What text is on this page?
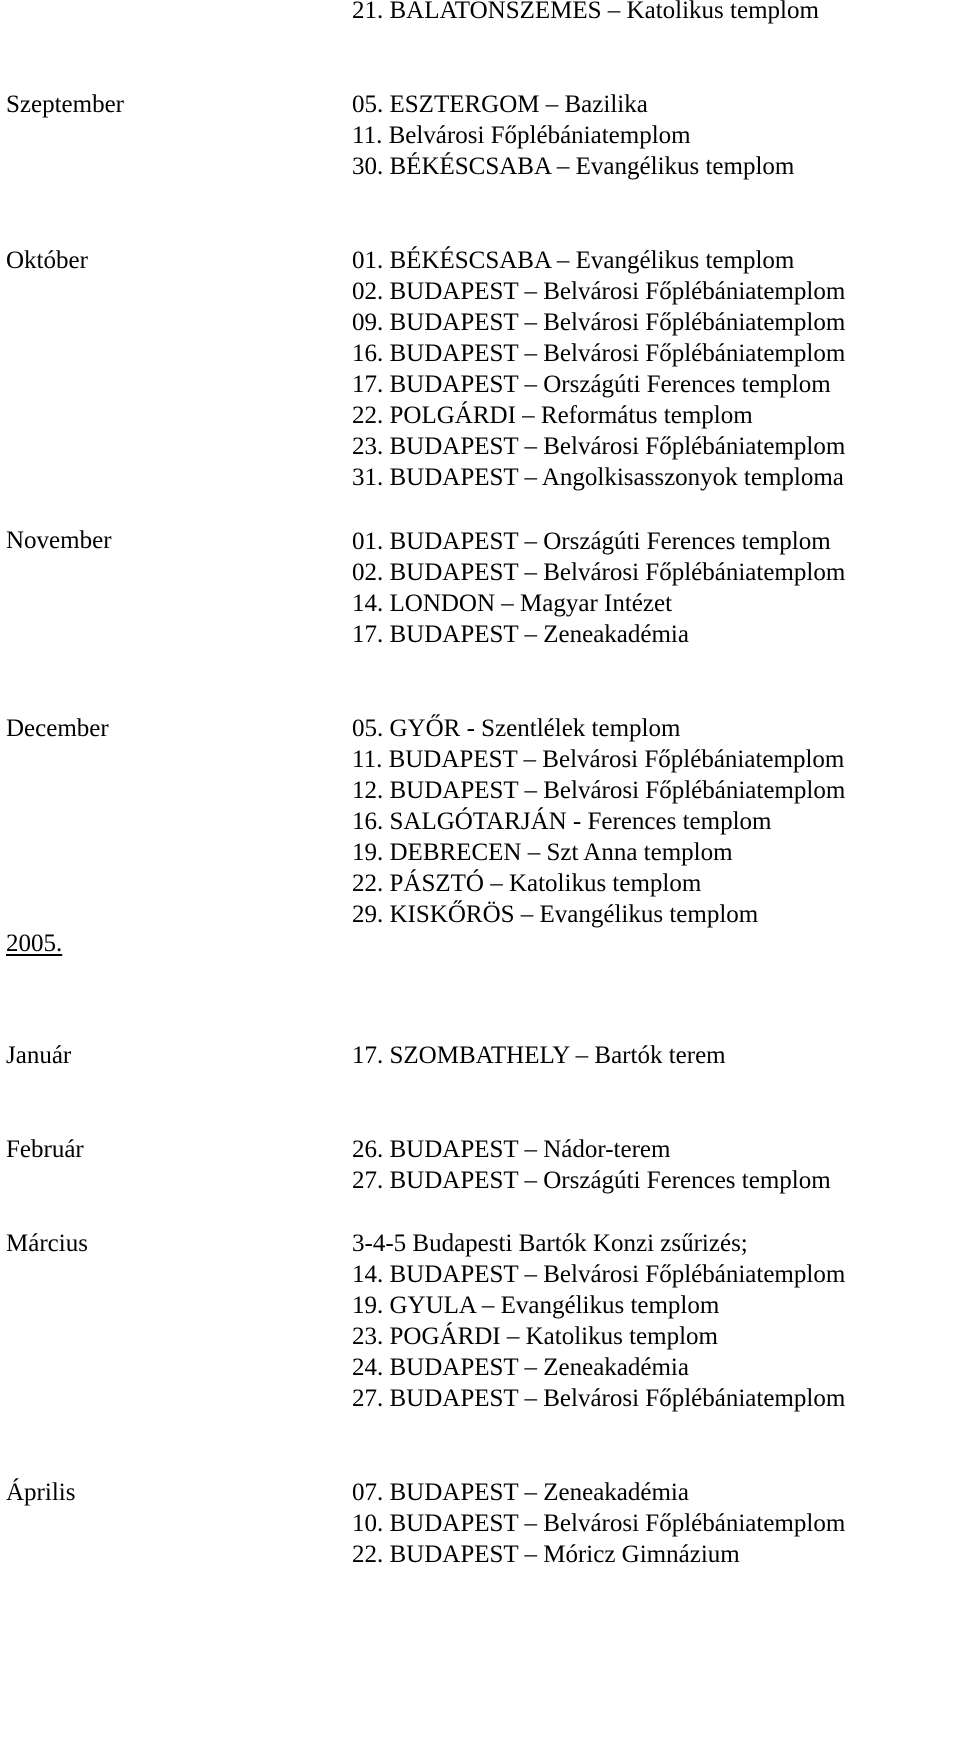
21. BALATONSZEMES – Katolikus templom
Szeptember	05. ESZTERGOM – Bazilika
11. Belvárosi Főplébániatemplom
30. BÉKÉSCSABA – Evangélikus templom
Október	01. BÉKÉSCSABA – Evangélikus templom
02. BUDAPEST – Belvárosi Főplébániatemplom
09. BUDAPEST – Belvárosi Főplébániatemplom
16. BUDAPEST – Belvárosi Főplébániatemplom
17. BUDAPEST – Országúti Ferences templom
22. POLGÁRDI – Református templom
23. BUDAPEST – Belvárosi Főplébániatemplom
31. BUDAPEST – Angolkisasszonyok temploma
November	01. BUDAPEST – Országúti Ferences templom
02. BUDAPEST – Belvárosi Főplébániatemplom
14. LONDON – Magyar Intézet
17. BUDAPEST – Zeneakadémia
December	05. GYŐR - Szentlélek templom
11. BUDAPEST – Belvárosi Főplébániatemplom
12. BUDAPEST – Belvárosi Főplébániatemplom
16. SALGÓTARJÁN - Ferences templom
19. DEBRECEN – Szt Anna templom
22. PÁSZTÓ – Katolikus templom
29. KISKŐRÖS – Evangélikus templom
2005.
Január	17. SZOMBATHELY – Bartók terem
Február	26. BUDAPEST – Nádor-terem
27. BUDAPEST – Országúti Ferences templom
Március	3-4-5 Budapesti Bartók Konzi zsűrizés;
14. BUDAPEST – Belvárosi Főplébániatemplom
19. GYULA – Evangélikus templom
23. POGÁRDI – Katolikus templom
24. BUDAPEST – Zeneakadémia
27. BUDAPEST – Belvárosi Főplébániatemplom
Április	07. BUDAPEST – Zeneakadémia
10. BUDAPEST – Belvárosi Főplébániatemplom
22. BUDAPEST – Móricz Gimnázium
